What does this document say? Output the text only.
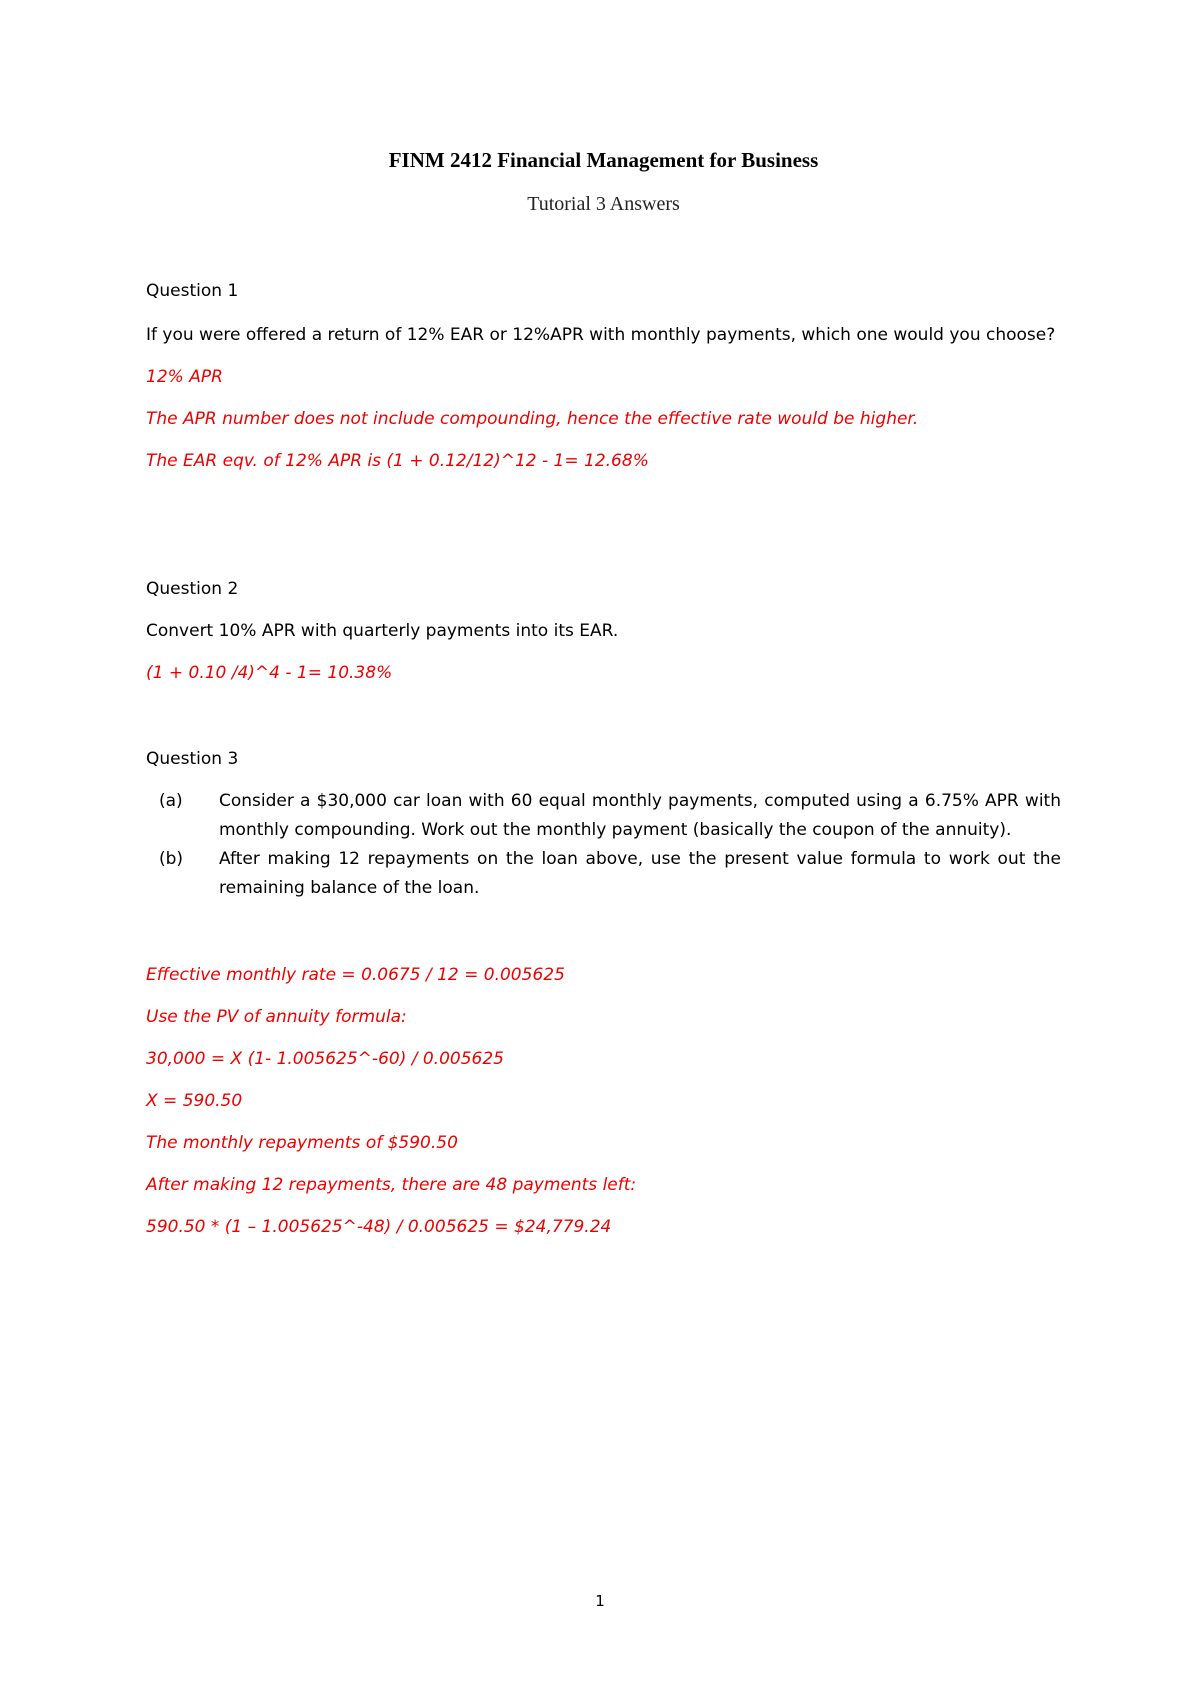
FINM 2412 Financial Management for Business

Tutorial 3 Answers

Question 1

If you were offered a return of 12% EAR or 12%APR with monthly payments, which one would you choose?

12% APR

The APR number does not include compounding, hence the effective rate would be higher.

The EAR eqv. of 12% APR is (1 + 0.12/12)^12 - 1= 12.68%

Question 2

Convert 10% APR with quarterly payments into its EAR.

(1 + 0.10 /4)^4 - 1= 10.38%

Question 3

(a) Consider a $30,000 car loan with 60 equal monthly payments, computed using a 6.75% APR with monthly compounding. Work out the monthly payment (basically the coupon of the annuity).
(b) After making 12 repayments on the loan above, use the present value formula to work out the remaining balance of the loan.

Effective monthly rate = 0.0675 / 12 = 0.005625

Use the PV of annuity formula:

30,000 = X (1- 1.005625^-60) / 0.005625

X = 590.50

The monthly repayments of $590.50

After making 12 repayments, there are 48 payments left:

590.50 * (1 – 1.005625^-48) / 0.005625 = $24,779.24

1
